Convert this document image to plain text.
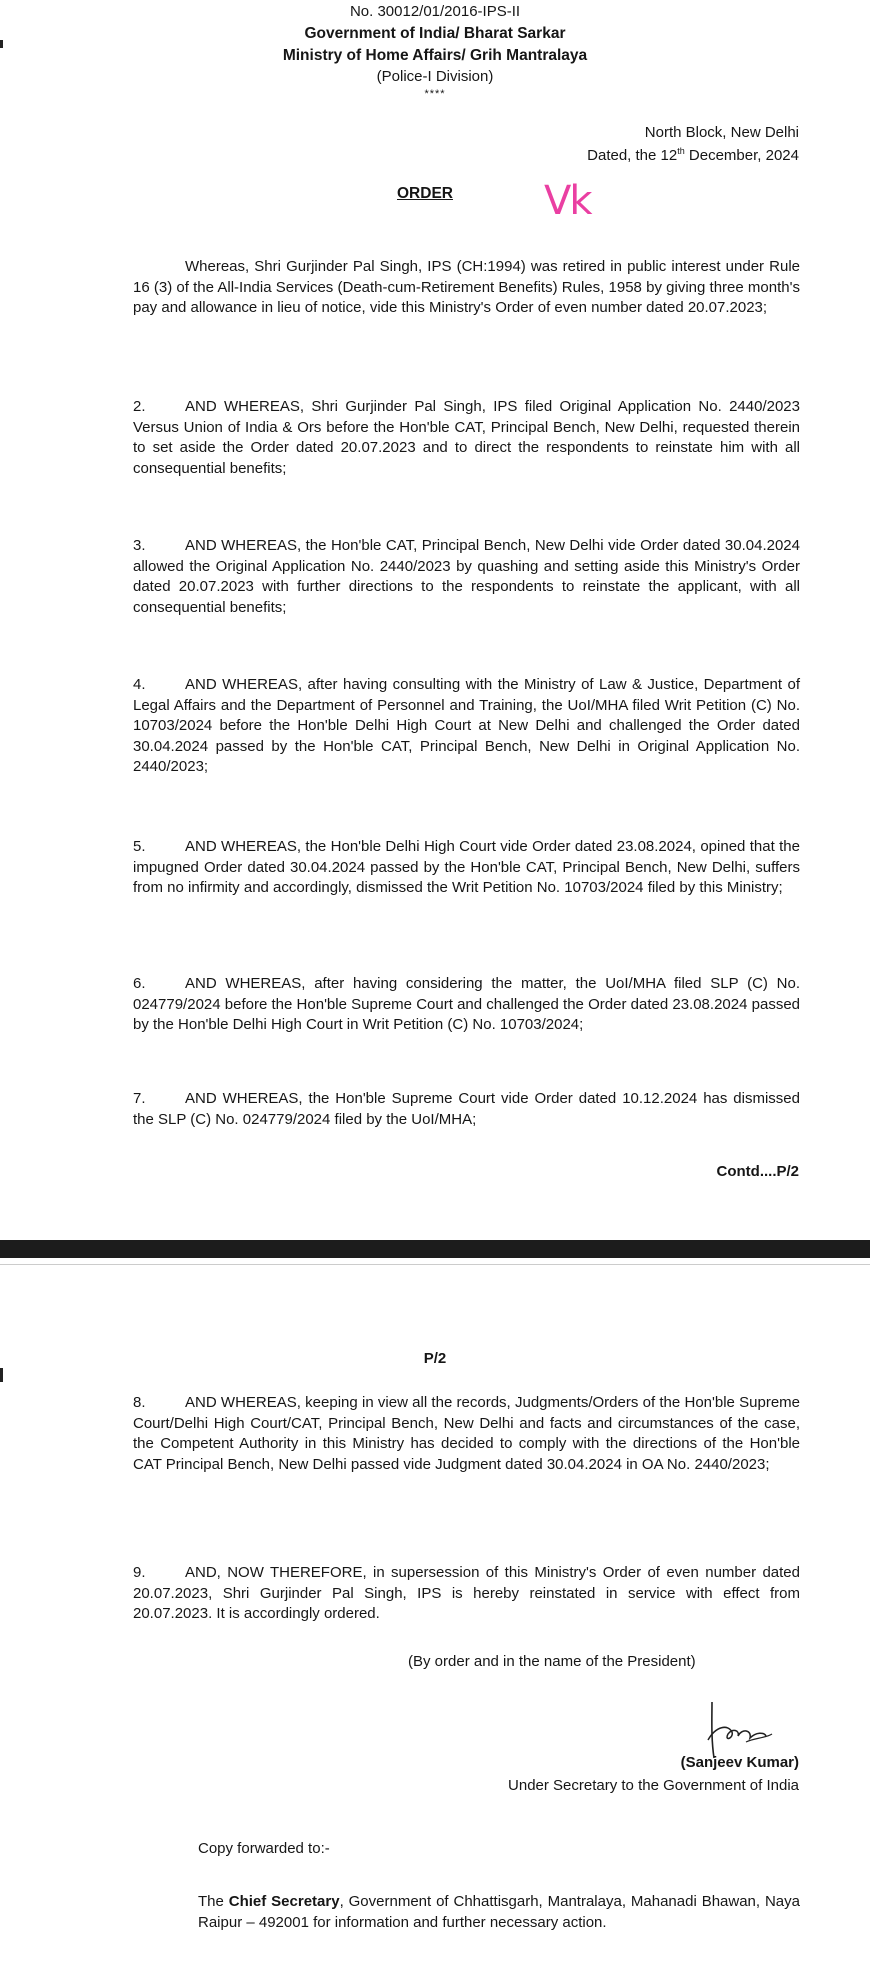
No. 30012/01/2016-IPS-II
Government of India/ Bharat Sarkar
Ministry of Home Affairs/ Grih Mantralaya
(Police-I Division)
****
North Block, New Delhi
Dated, the 12th December, 2024
ORDER Vk
Whereas, Shri Gurjinder Pal Singh, IPS (CH:1994) was retired in public interest under Rule 16 (3) of the All-India Services (Death-cum-Retirement Benefits) Rules, 1958 by giving three month's pay and allowance in lieu of notice, vide this Ministry's Order of even number dated 20.07.2023;
2.	AND WHEREAS, Shri Gurjinder Pal Singh, IPS filed Original Application No. 2440/2023 Versus Union of India & Ors before the Hon'ble CAT, Principal Bench, New Delhi, requested therein to set aside the Order dated 20.07.2023 and to direct the respondents to reinstate him with all consequential benefits;
3.	AND WHEREAS, the Hon'ble CAT, Principal Bench, New Delhi vide Order dated 30.04.2024 allowed the Original Application No. 2440/2023 by quashing and setting aside this Ministry's Order dated 20.07.2023 with further directions to the respondents to reinstate the applicant, with all consequential benefits;
4.	AND WHEREAS, after having consulting with the Ministry of Law & Justice, Department of Legal Affairs and the Department of Personnel and Training, the UoI/MHA filed Writ Petition (C) No. 10703/2024 before the Hon'ble Delhi High Court at New Delhi and challenged the Order dated 30.04.2024 passed by the Hon'ble CAT, Principal Bench, New Delhi in Original Application No. 2440/2023;
5.	AND WHEREAS, the Hon'ble Delhi High Court vide Order dated 23.08.2024, opined that the impugned Order dated 30.04.2024 passed by the Hon'ble CAT, Principal Bench, New Delhi, suffers from no infirmity and accordingly, dismissed the Writ Petition No. 10703/2024 filed by this Ministry;
6.	AND WHEREAS, after having considering the matter, the UoI/MHA filed SLP (C) No. 024779/2024 before the Hon'ble Supreme Court and challenged the Order dated 23.08.2024 passed by the Hon'ble Delhi High Court in Writ Petition (C) No. 10703/2024;
7.	AND WHEREAS, the Hon'ble Supreme Court vide Order dated 10.12.2024 has dismissed the SLP (C) No. 024779/2024 filed by the UoI/MHA;
Contd....P/2
P/2
8.	AND WHEREAS, keeping in view all the records, Judgments/Orders of the Hon'ble Supreme Court/Delhi High Court/CAT, Principal Bench, New Delhi and facts and circumstances of the case, the Competent Authority in this Ministry has decided to comply with the directions of the Hon'ble CAT Principal Bench, New Delhi passed vide Judgment dated 30.04.2024 in OA No. 2440/2023;
9.	AND, NOW THEREFORE, in supersession of this Ministry's Order of even number dated 20.07.2023, Shri Gurjinder Pal Singh, IPS is hereby reinstated in service with effect from 20.07.2023. It is accordingly ordered.
(By order and in the name of the President)
(Sanjeev Kumar)
Under Secretary to the Government of India
Copy forwarded to:-
The Chief Secretary, Government of Chhattisgarh, Mantralaya, Mahanadi Bhawan, Naya Raipur – 492001 for information and further necessary action.
